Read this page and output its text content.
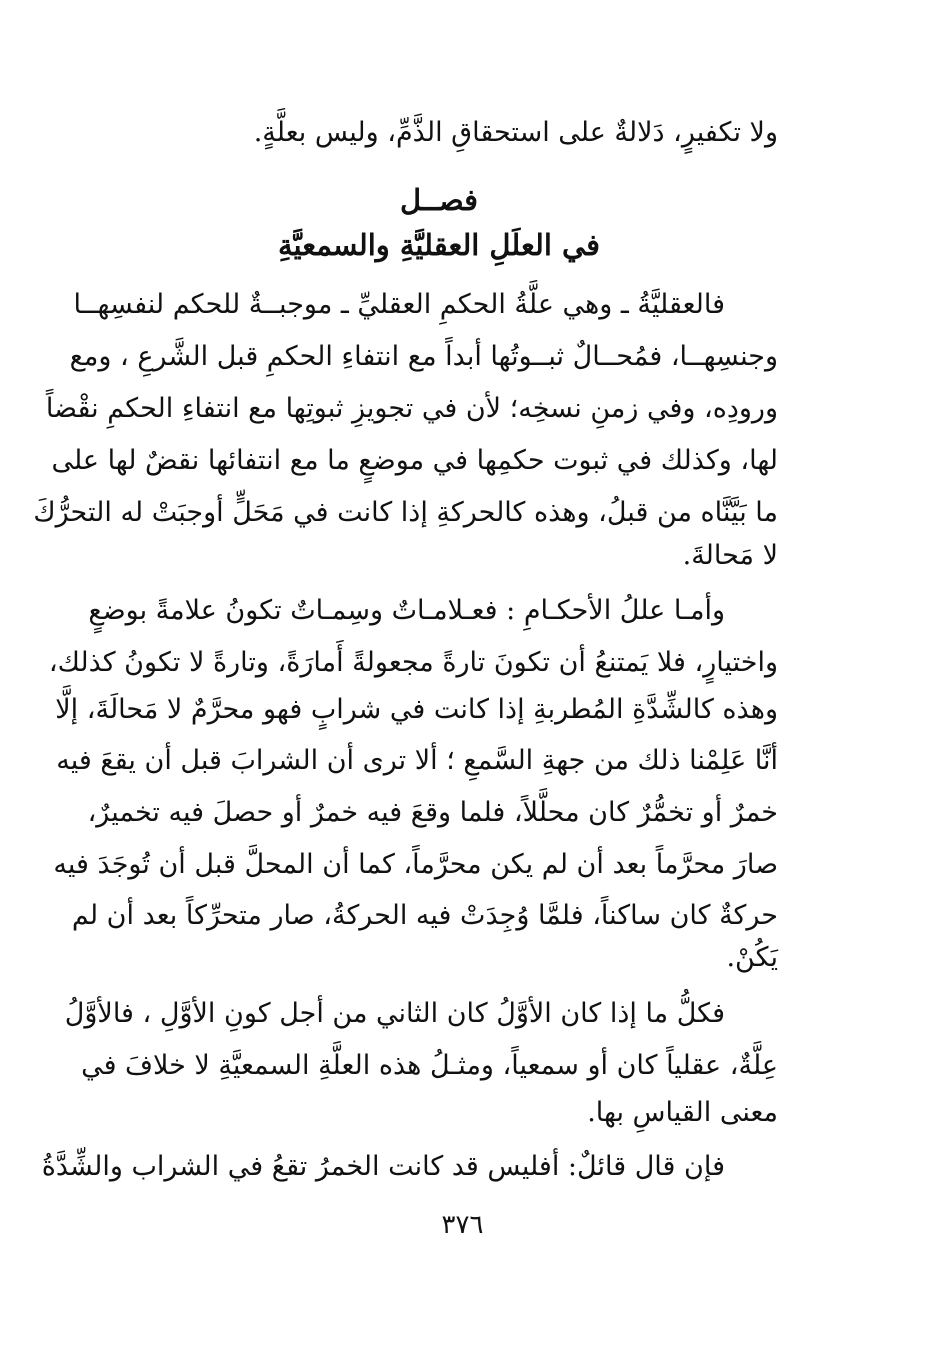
ولا تكفيرٍ، دَلالةٌ على استحقاقِ الذَّمِّ، وليس بعلَّةٍ.
فصــل
في العلَلِ العقليَّةِ والسمعيَّةِ
فالعقليَّةُ ـ وهي علَّةُ الحكمِ العقليِّ ـ موجبــةٌ للحكم لنفسِهــا
وجنسِهــا، فمُحــالٌ ثبــوتُها أبداً مع انتفاءِ الحكمِ قبل الشَّرعِ ، ومع
ورودِه، وفي زمنِ نسخِه؛ لأن في تجويزِ ثبوتِها مع انتفاءِ الحكمِ نقْضاً
لها، وكذلك في ثبوت حكمِها في موضعٍ ما مع انتفائها نقضٌ لها على
ما بَيَّنَّاه من قبلُ، وهذه كالحركةِ إذا كانت في مَحَلٍّ أوجبَتْ له التحرُّكَ
لا مَحالةَ.
وأمـا عللُ الأحكـامِ : فعـلامـاتٌ وسِمـاتٌ تكونُ علامةً بوضعٍ
واختيارٍ، فلا يَمتنعُ أن تكونَ تارةً مجعولةً أَمارَةً، وتارةً لا تكونُ كذلك،
وهذه كالشِّدَّةِ المُطربةِ إذا كانت في شرابٍ فهو محرَّمٌ لا مَحالَةَ، إلَّا
أنَّا عَلِمْنا ذلك من جهةِ السَّمعِ ؛ ألا ترى أن الشرابَ قبل أن يقعَ فيه
خمرٌ أو تخمُّرٌ كان محلَّلاً، فلما وقعَ فيه خمرٌ أو حصلَ فيه تخميرٌ،
صارَ محرَّماً بعد أن لم يكن محرَّماً، كما أن المحلَّ قبل أن تُوجَدَ فيه
حركةٌ كان ساكناً، فلمَّا وُجِدَتْ فيه الحركةُ، صار متحرِّكاً بعد أن لم
يَكُنْ.
فكلُّ ما إذا كان الأوَّلُ كان الثاني من أجل كونِ الأوَّلِ ، فالأوَّلُ
عِلَّةٌ، عقلياً كان أو سمعياً، ومثـلُ هذه العلَّةِ السمعيَّةِ لا خلافَ في
معنى القياسِ بها.
فإن قال قائلٌ: أفليس قد كانت الخمرُ تقعُ في الشراب والشِّدَّةُ
٣٧٦
